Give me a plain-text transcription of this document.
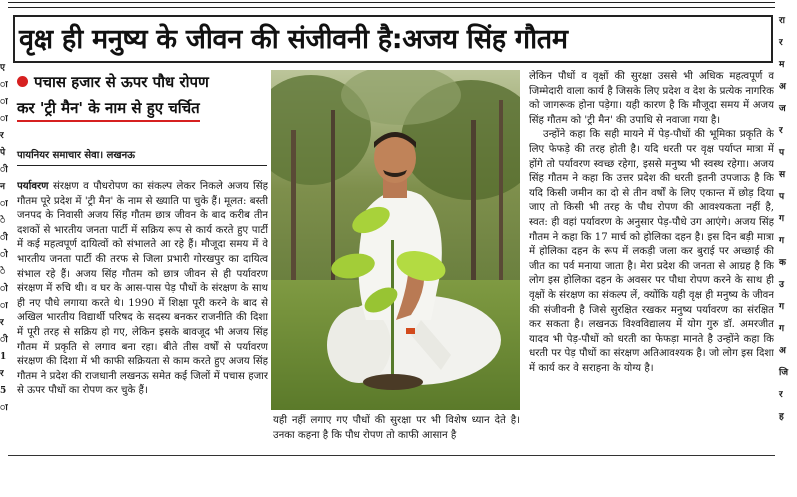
ए
ा
ा
ा
र
पे
ी
न
ा
े
ी
ो
े
ो
ा
र
ी
1
र
5
ा
रा
र
म
अ
ज
र
प
स
प
ग
ग
क
उ
ग
ग
अ
जि
र
ह
वृक्ष ही मनुष्य के जीवन की संजीवनी है:अजय सिंह गौतम
पचास हजार से ऊपर पौध रोपण
कर 'ट्री मैन' के नाम से हुए चर्चित
पायनियर समाचार सेवा। लखनऊ
पर्यावरण संरक्षण व पौधरोपण का संकल्प लेकर निकले अजय सिंह गौतम पूरे प्रदेश में 'ट्री मैन' के नाम से ख्याति पा चुके हैं। मूलत: बस्ती जनपद के निवासी अजय सिंह गौतम छात्र जीवन के बाद करीब तीन दशकों से भारतीय जनता पार्टी में सक्रिय रूप से कार्य करते हुए पार्टी में कई महत्वपूर्ण दायित्वों को संभालते आ रहे हैं। मौजूदा समय में वे भारतीय जनता पार्टी की तरफ से जिला प्रभारी गोरखपुर का दायित्व संभाल रहे हैं। अजय सिंह गौतम को छात्र जीवन से ही पर्यावरण संरक्षण में रुचि थी। व घर के आस-पास पेड़ पौधों के संरक्षण के साथ ही नए पौधे लगाया करते थे। 1990 में शिक्षा पूरी करने के बाद से अखिल भारतीय विद्यार्थी परिषद के सदस्य बनकर राजनीति की दिशा में पूरी तरह से सक्रिय हो गए, लेकिन इसके बावजूद भी अजय सिंह गौतम में प्रकृति से लगाव बना रहा। बीते तीस वर्षों से पर्यावरण संरक्षण की दिशा में भी काफी सक्रियता से काम करते हुए अजय सिंह गौतम ने प्रदेश की राजधानी लखनऊ समेत कई जिलों में पचास हजार से ऊपर पौधों का रोपण कर चुके हैं।
यही नहीं लगाए गए पौधों की सुरक्षा पर भी विशेष ध्यान देते है। उनका कहना है कि पौध रोपण तो काफी आसान है

लेकिन पौधों व वृक्षों की सुरक्षा उससे भी अधिक महत्वपूर्ण व जिम्मेदारी वाला कार्य है जिसके लिए प्रदेश व देश के प्रत्येक नागरिक को जागरूक होना पड़ेगा। यही कारण है कि मौजूदा समय में अजय सिंह गौतम को 'ट्री मैन' की उपाधि से नवाजा गया है।

उन्होंने कहा कि सही मायने में पेड़-पौधों की भूमिका प्रकृति के लिए फेफड़े की तरह होती है। यदि धरती पर वृक्ष पर्याप्त मात्रा में होंगे तो पर्यावरण स्वच्छ रहेगा, इससे मनुष्य भी स्वस्थ रहेगा। अजय सिंह गौतम ने कहा कि उत्तर प्रदेश की धरती इतनी उपजाऊ है कि यदि किसी जमीन का दो से तीन वर्षों के लिए एकान्त में छोड़ दिया जाए तो किसी भी तरह के पौध रोपण की आवश्यकता नहीं है, स्वत: ही वहां पर्यावरण के अनुसार पेड़-पौधे उग आएंगे। अजय सिंह गौतम ने कहा कि 17 मार्च को होलिका दहन है। इस दिन बड़ी मात्रा में होलिका दहन के रूप में लकड़ी जला कर बुराई पर अच्छाई की जीत का पर्व मनाया जाता है। मेरा प्रदेश की जनता से आग्रह है कि लोग इस होलिका दहन के अवसर पर पौधा रोपण करने के साथ ही वृक्षों के संरक्षण का संकल्प लें, क्योंकि यही वृक्ष ही मनुष्य के जीवन की संजीवनी है जिसे सुरक्षित रखकर मनुष्य पर्यावरण का संरक्षित कर सकता है। लखनऊ विश्वविद्यालय में योग गुरु डॉ. अमरजीत यादव भी पेड़-पौधों को धरती का फेफड़ा मानते है उन्होंने कहा कि धरती पर पेड़ पौधों का संरक्षण अतिआवश्यक है। जो लोग इस दिशा में कार्य कर वे सराहना के योग्य है।
